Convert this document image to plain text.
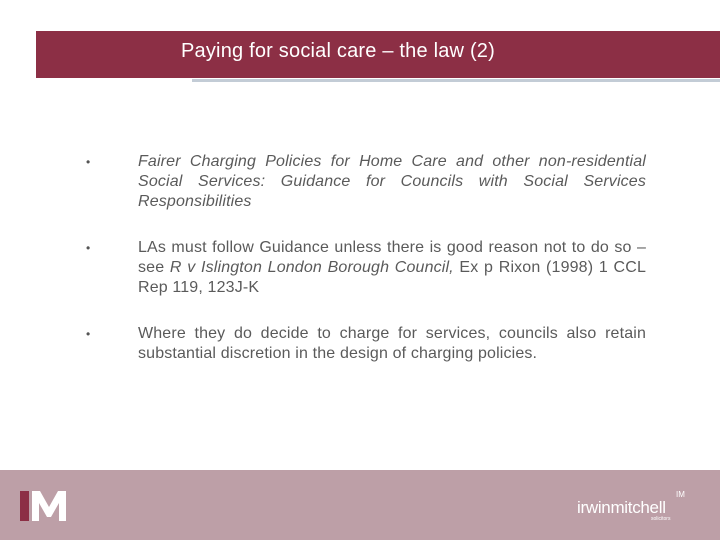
Paying for social care – the law (2)
•	Fairer Charging Policies for Home Care and other non-residential Social Services: Guidance for Councils with Social Services Responsibilities
•	LAs must follow Guidance unless there is good reason not to do so – see R v Islington London Borough Council, Ex p Rixon (1998) 1 CCL Rep 119, 123J-K
•	Where they do decide to charge for services, councils also retain substantial discretion in the design of charging policies.
irwinmitchell
solicitors
IM
